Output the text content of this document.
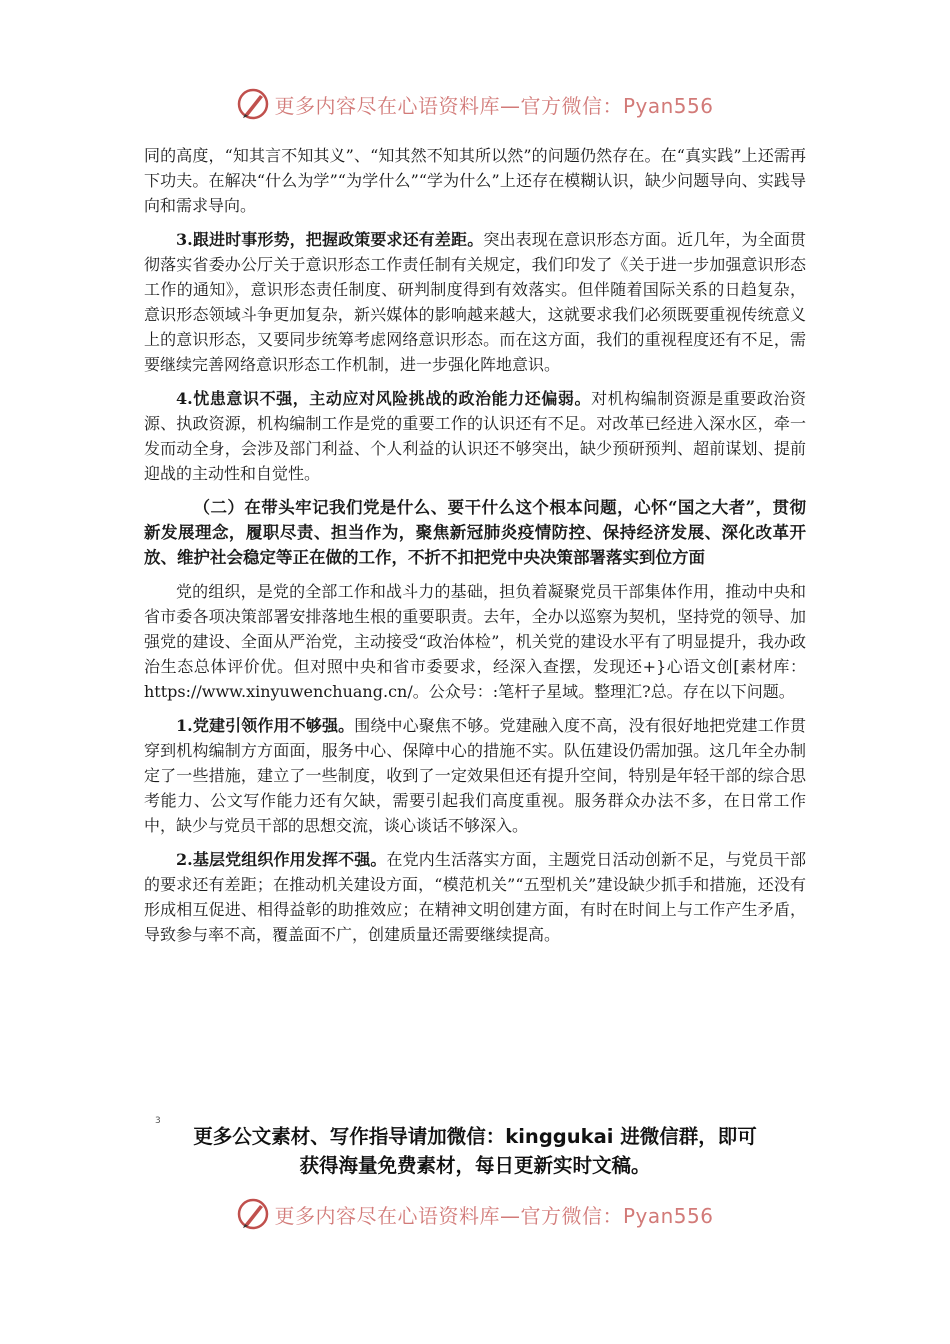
更多内容尽在心语资料库—官方微信：Pyan556

同的高度，“知其言不知其义”、“知其然不知其所以然”的问题仍然存在。在“真实践”上还需再下功夫。在解决“什么为学”“为学什么”“学为什么”上还存在模糊认识，缺少问题导向、实践导向和需求导向。

3.跟进时事形势，把握政策要求还有差距。突出表现在意识形态方面。近几年，为全面贯彻落实省委办公厅关于意识形态工作责任制有关规定，我们印发了《关于进一步加强意识形态工作的通知》，意识形态责任制度、研判制度得到有效落实。但伴随着国际关系的日趋复杂，意识形态领域斗争更加复杂，新兴媒体的影响越来越大，这就要求我们必须既要重视传统意义上的意识形态，又要同步统筹考虑网络意识形态。而在这方面，我们的重视程度还有不足，需要继续完善网络意识形态工作机制，进一步强化阵地意识。

4.忧患意识不强，主动应对风险挑战的政治能力还偏弱。对机构编制资源是重要政治资源、执政资源，机构编制工作是党的重要工作的认识还有不足。对改革已经进入深水区，牵一发而动全身，会涉及部门利益、个人利益的认识还不够突出，缺少预研预判、超前谋划、提前迎战的主动性和自觉性。

（二）在带头牢记我们党是什么、要干什么这个根本问题，心怀“国之大者”，贯彻新发展理念，履职尽责、担当作为，聚焦新冠肺炎疫情防控、保持经济发展、深化改革开放、维护社会稳定等正在做的工作，不折不扣把党中央决策部署落实到位方面

党的组织，是党的全部工作和战斗力的基础，担负着凝聚党员干部集体作用，推动中央和省市委各项决策部署安排落地生根的重要职责。去年，全办以巡察为契机，坚持党的领导、加强党的建设、全面从严治党，主动接受“政治体检”，机关党的建设水平有了明显提升，我办政治生态总体评价优。但对照中央和省市委要求，经深入查摆，发现还+}心语文创[素材库：https://www.xinyuwenchuang.cn/。公众号：:笔杆子星域。整理汇?总。存在以下问题。

1.党建引领作用不够强。围绕中心聚焦不够。党建融入度不高，没有很好地把党建工作贯穿到机构编制方方面面，服务中心、保障中心的措施不实。队伍建设仍需加强。这几年全办制定了一些措施，建立了一些制度，收到了一定效果但还有提升空间，特别是年轻干部的综合思考能力、公文写作能力还有欠缺，需要引起我们高度重视。服务群众办法不多，在日常工作中，缺少与党员干部的思想交流，谈心谈话不够深入。

2.基层党组织作用发挥不强。在党内生活落实方面，主题党日活动创新不足，与党员干部的要求还有差距；在推动机关建设方面，“模范机关”“五型机关”建设缺少抓手和措施，还没有形成相互促进、相得益彰的助推效应；在精神文明创建方面，有时在时间上与工作产生矛盾，导致参与率不高，覆盖面不广，创建质量还需要继续提高。

3
更多公文素材、写作指导请加微信：kinggukai 进微信群，即可
获得海量免费素材，每日更新实时文稿。
更多内容尽在心语资料库—官方微信：Pyan556
